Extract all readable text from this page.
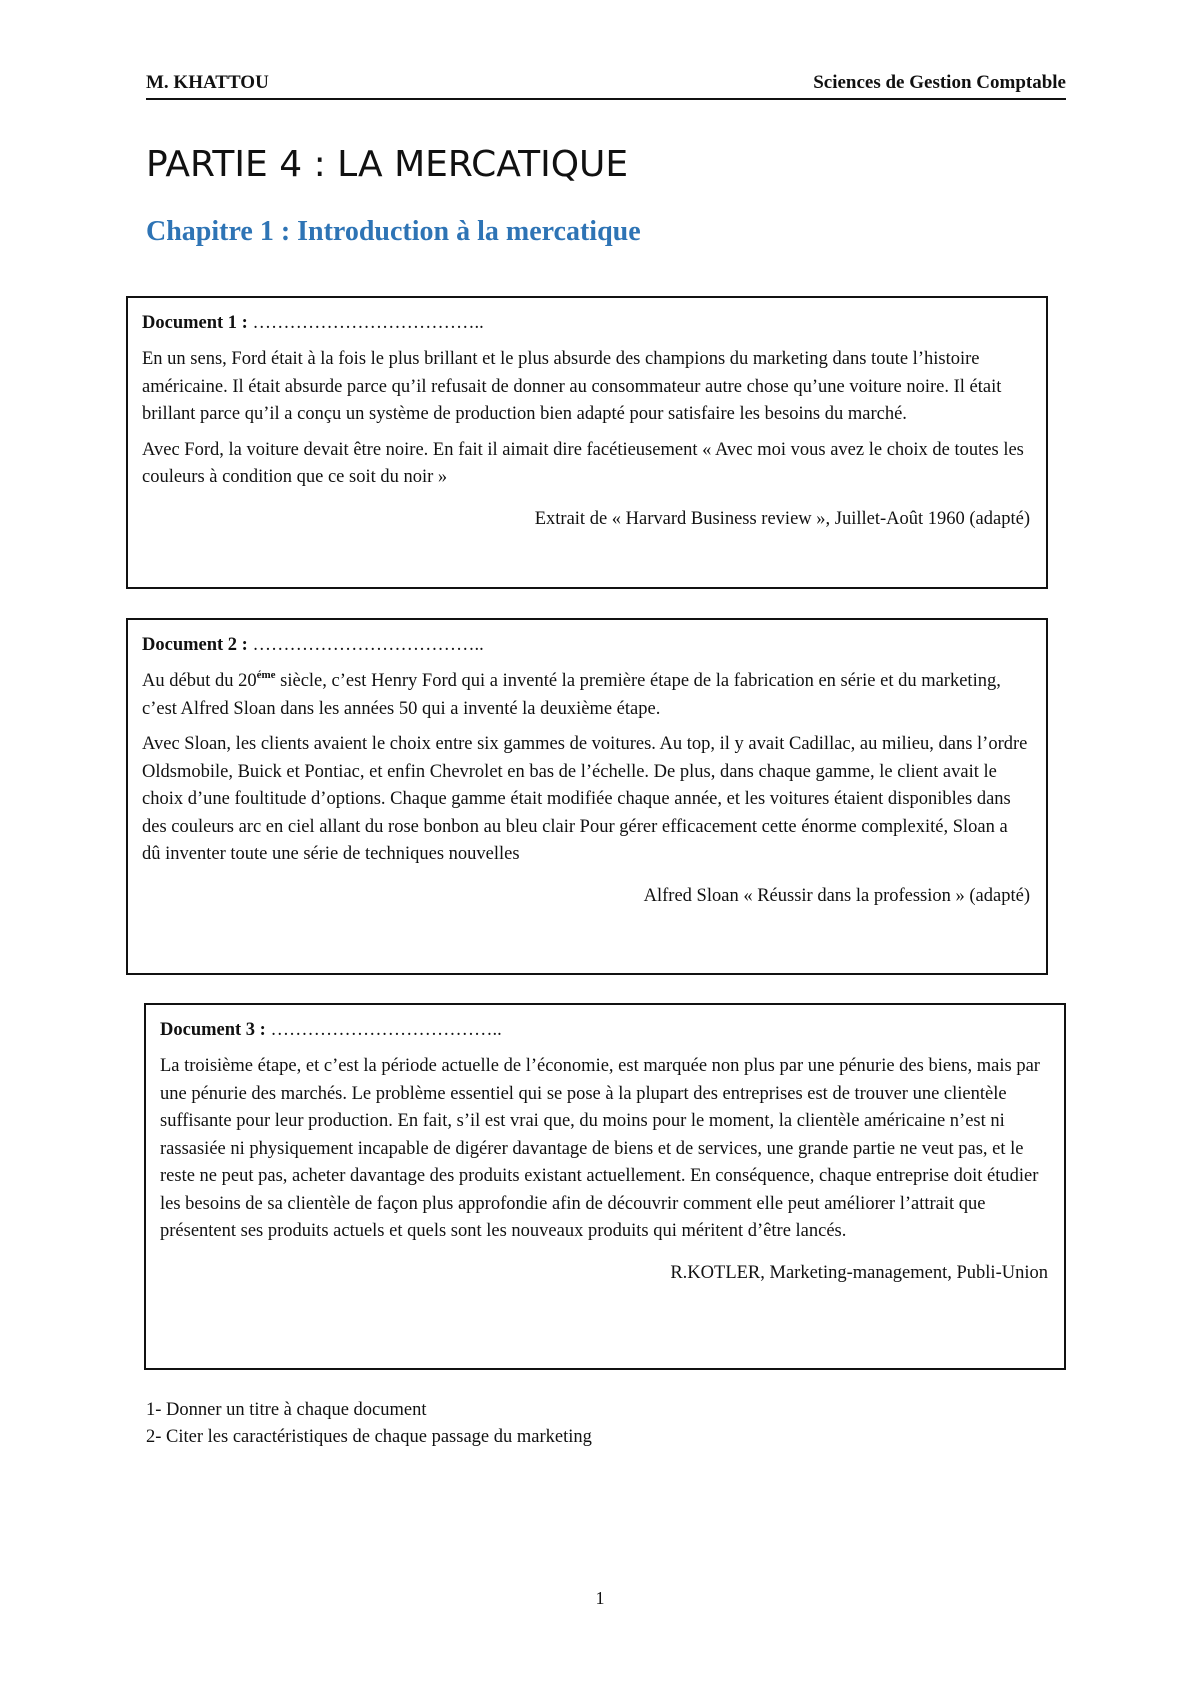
M. KHATTOU	Sciences de Gestion Comptable
PARTIE 4 : LA MERCATIQUE
Chapitre 1 : Introduction à la mercatique
Document 1 : ………………………………..

En un sens, Ford était à la fois le plus brillant et le plus absurde des champions du marketing dans toute l’histoire américaine. Il était absurde parce qu’il refusait de donner au consommateur autre chose qu’une voiture noire. Il était brillant parce qu’il a conçu un système de production bien adapté pour satisfaire les besoins du marché.

Avec Ford, la voiture devait être noire. En fait il aimait dire facétieusement « Avec moi vous avez le choix de toutes les couleurs à condition que ce soit du noir »

Extrait de « Harvard Business review », Juillet-Août 1960 (adapté)

Document 2 : ………………………………..

Au début du $20^{éme}$ siècle, c’est Henry Ford qui a inventé la première étape de la fabrication en série et du marketing, c’est Alfred Sloan dans les années 50 qui a inventé la deuxième étape.

Avec Sloan, les clients avaient le choix entre six gammes de voitures. Au top, il y avait Cadillac, au milieu, dans l’ordre Oldsmobile, Buick et Pontiac, et enfin Chevrolet en bas de l’échelle. De plus, dans chaque gamme, le client avait le choix d’une foultitude d’options. Chaque gamme était modifiée chaque année, et les voitures étaient disponibles dans des couleurs arc en ciel allant du rose bonbon au bleu clair Pour gérer efficacement cette énorme complexité, Sloan a dû inventer toute une série de techniques nouvelles

Alfred Sloan « Réussir dans la profession » (adapté)

Document 3 : ………………………………..

La troisième étape, et c’est la période actuelle de l’économie, est marquée non plus par une pénurie des biens, mais par une pénurie des marchés. Le problème essentiel qui se pose à la plupart des entreprises est de trouver une clientèle suffisante pour leur production. En fait, s’il est vrai que, du moins pour le moment, la clientèle américaine n’est ni rassasiée ni physiquement incapable de digérer davantage de biens et de services, une grande partie ne veut pas, et le reste ne peut pas, acheter davantage des produits existant actuellement. En conséquence, chaque entreprise doit étudier les besoins de sa clientèle de façon plus approfondie afin de découvrir comment elle peut améliorer l’attrait que présentent ses produits actuels et quels sont les nouveaux produits qui méritent d’être lancés.

R.KOTLER, Marketing-management, Publi-Union

1- Donner un titre à chaque document
2- Citer les caractéristiques de chaque passage du marketing
1
